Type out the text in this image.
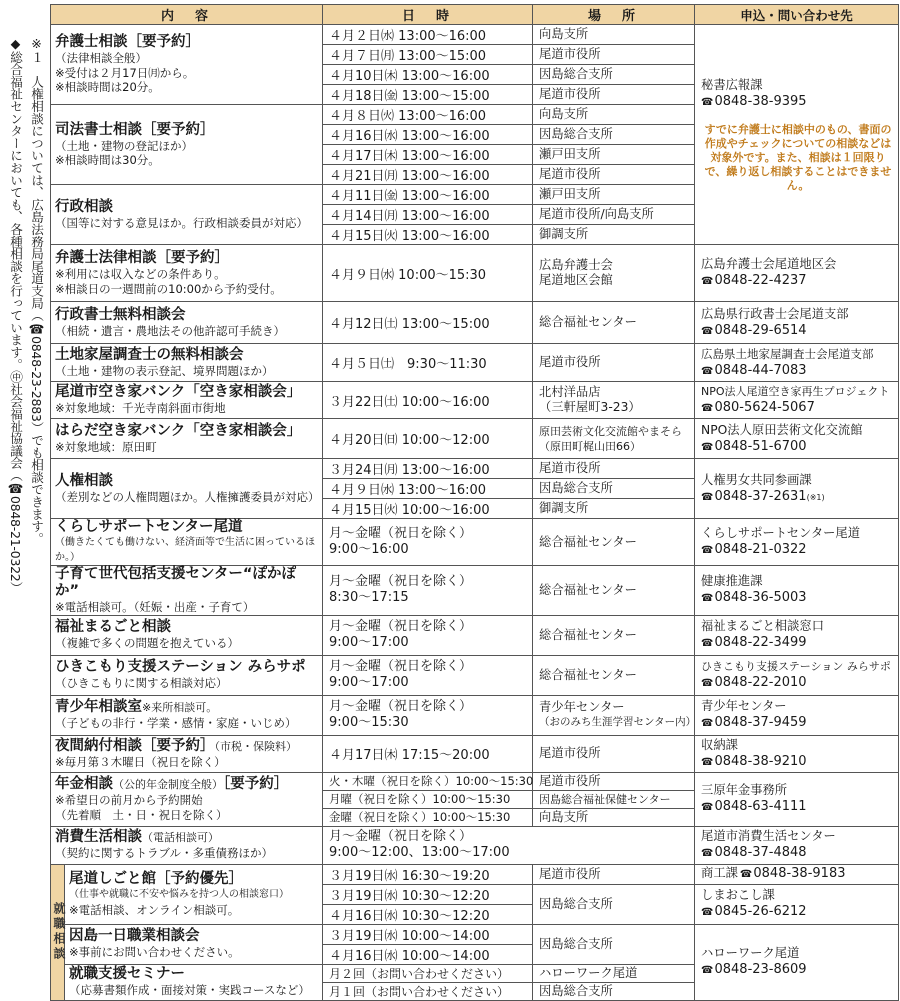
※１　人権相談については、広島法務局尾道支局（☎0848‐23‐2883）でも相談できます。
◆総合福祉センターにおいても、各種相談を行っています。㊥社会福祉協議会（☎0848‐21‐0322）
内　容		日　時	場　所	申込・問い合わせ先

弁護士相談［要予約］
（法律相談全般）
※受付は２月17日㈪から。
※相談時間は20分。		４月２日㈬ 13:00～16:00	向島支所	秘書広報課
☎ 0848-38-9395
すでに弁護士に相談中のもの、書面の作成やチェックについての相談などは対象外です。また、相談は１回限りで、繰り返し相談することはできません。

		４月７日㈪ 13:00～15:00	尾道市役所	
		４月10日㈭ 13:00～16:00	因島総合支所	
		４月18日㈮ 13:00～15:00	尾道市役所	

司法書士相談［要予約］
（土地・建物の登記ほか）
※相談時間は30分。		４月８日㈫ 13:00～16:00	向島支所	
		４月16日㈬ 13:00～16:00	因島総合支所	
		４月17日㈭ 13:00～16:00	瀬戸田支所	
		４月21日㈪ 13:00～16:00	尾道市役所	

行政相談
（国等に対する意見ほか。行政相談委員が対応）		４月11日㈮ 13:00～16:00	瀬戸田支所	
		４月14日㈪ 13:00～16:00	尾道市役所/向島支所	
		４月15日㈫ 13:00～16:00	御調支所	

弁護士法律相談［要予約］
※利用には収入などの条件あり。
※相談日の一週間前の10:00から予約受付。		４月９日㈬ 10:00～15:30	広島弁護士会
尾道地区会館	広島弁護士会尾道地区会
☎ 0848-22-4237

行政書士無料相談会
（相続・遺言・農地法その他許認可手続き）		４月12日㈯ 13:00～15:00	総合福祉センター	広島県行政書士会尾道支部
☎ 0848-29-6514

土地家屋調査士の無料相談会
（土地・建物の表示登記、境界問題ほか）		４月５日㈯　9:30～11:30	尾道市役所	広島県土地家屋調査士会尾道支部
☎ 0848-44-7083

尾道市空き家バンク「空き家相談会」
※対象地域：千光寺南斜面市街地		３月22日㈯ 10:00～16:00	北村洋品店
（三軒屋町3-23）	NPO法人尾道空き家再生プロジェクト
☎ 080-5624-5067

はらだ空き家バンク「空き家相談会」
※対象地域：原田町		４月20日㈰ 10:00～12:00	原田芸術文化交流館やまそら
（原田町梶山田66）	NPO法人原田芸術文化交流館
☎ 0848-51-6700

人権相談
（差別などの人権問題ほか。人権擁護委員が対応）		３月24日㈪ 13:00～16:00	尾道市役所	人権男女共同参画課
☎ 0848-37-2631(※1)
		４月９日㈬ 13:00～16:00	因島総合支所	
		４月15日㈫ 10:00～16:00	御調支所	

くらしサポートセンター尾道
（働きたくても働けない、経済面等で生活に困っているほか。）		月～金曜（祝日を除く）
9:00～16:00	総合福祉センター	くらしサポートセンター尾道
☎ 0848-21-0322

子育て世代包括支援センター“ぽかぽか”
※電話相談可。（妊娠・出産・子育て）		月～金曜（祝日を除く）
8:30～17:15	総合福祉センター	健康推進課
☎ 0848-36-5003

福祉まるごと相談
（複雑で多くの問題を抱えている）		月～金曜（祝日を除く）
9:00～17:00	総合福祉センター	福祉まるごと相談窓口
☎ 0848-22-3499

ひきこもり支援ステーション みらサポ
（ひきこもりに関する相談対応）		月～金曜（祝日を除く）
9:00～17:00	総合福祉センター	ひきこもり支援ステーション みらサポ
☎ 0848-22-2010

青少年相談室※来所相談可。
（子どもの非行・学業・感情・家庭・いじめ）		月～金曜（祝日を除く）
9:00～15:30	青少年センター
（おのみち生涯学習センター内）	青少年センター
☎ 0848-37-9459

夜間納付相談［要予約］（市税・保険料）
※毎月第３木曜日（祝日を除く）		４月17日㈭ 17:15～20:00	尾道市役所	収納課
☎ 0848-38-9210

年金相談（公的年金制度全般）［要予約］
※希望日の前月から予約開始
（先着順　土・日・祝日を除く）		火・木曜（祝日を除く）10:00～15:30	尾道市役所	三原年金事務所
☎ 0848-63-4111
		月曜（祝日を除く）10:00～15:30	因島総合福祉保健センター	
		金曜（祝日を除く）10:00～15:30	向島支所	

消費生活相談（電話相談可）
（契約に関するトラブル・多重債務ほか）		月～金曜（祝日を除く）
9:00～12:00、13:00～17:00		尾道市消費生活センター
☎ 0848-37-4848

就職相談	尾道しごと館［予約優先］
（仕事や就職に不安や悩みを持つ人の相談窓口）
※電話相談、オンライン相談可。	３月19日㈬ 16:30～19:20	尾道市役所	商工課 ☎ 0848-38-9183
		３月19日㈬ 10:30～12:20	因島総合支所	しまおこし課
☎ 0845-26-6212
		４月16日㈬ 10:30～12:20		

	因島一日職業相談会
※事前にお問い合わせください。	３月19日㈬ 10:00～14:00	因島総合支所	ハローワーク尾道
☎ 0848-23-8609
		４月16日㈬ 10:00～14:00		

	就職支援セミナー
（応募書類作成・面接対策・実践コースなど）	月２回（お問い合わせください）	ハローワーク尾道	
		月１回（お問い合わせください）	因島総合支所	
